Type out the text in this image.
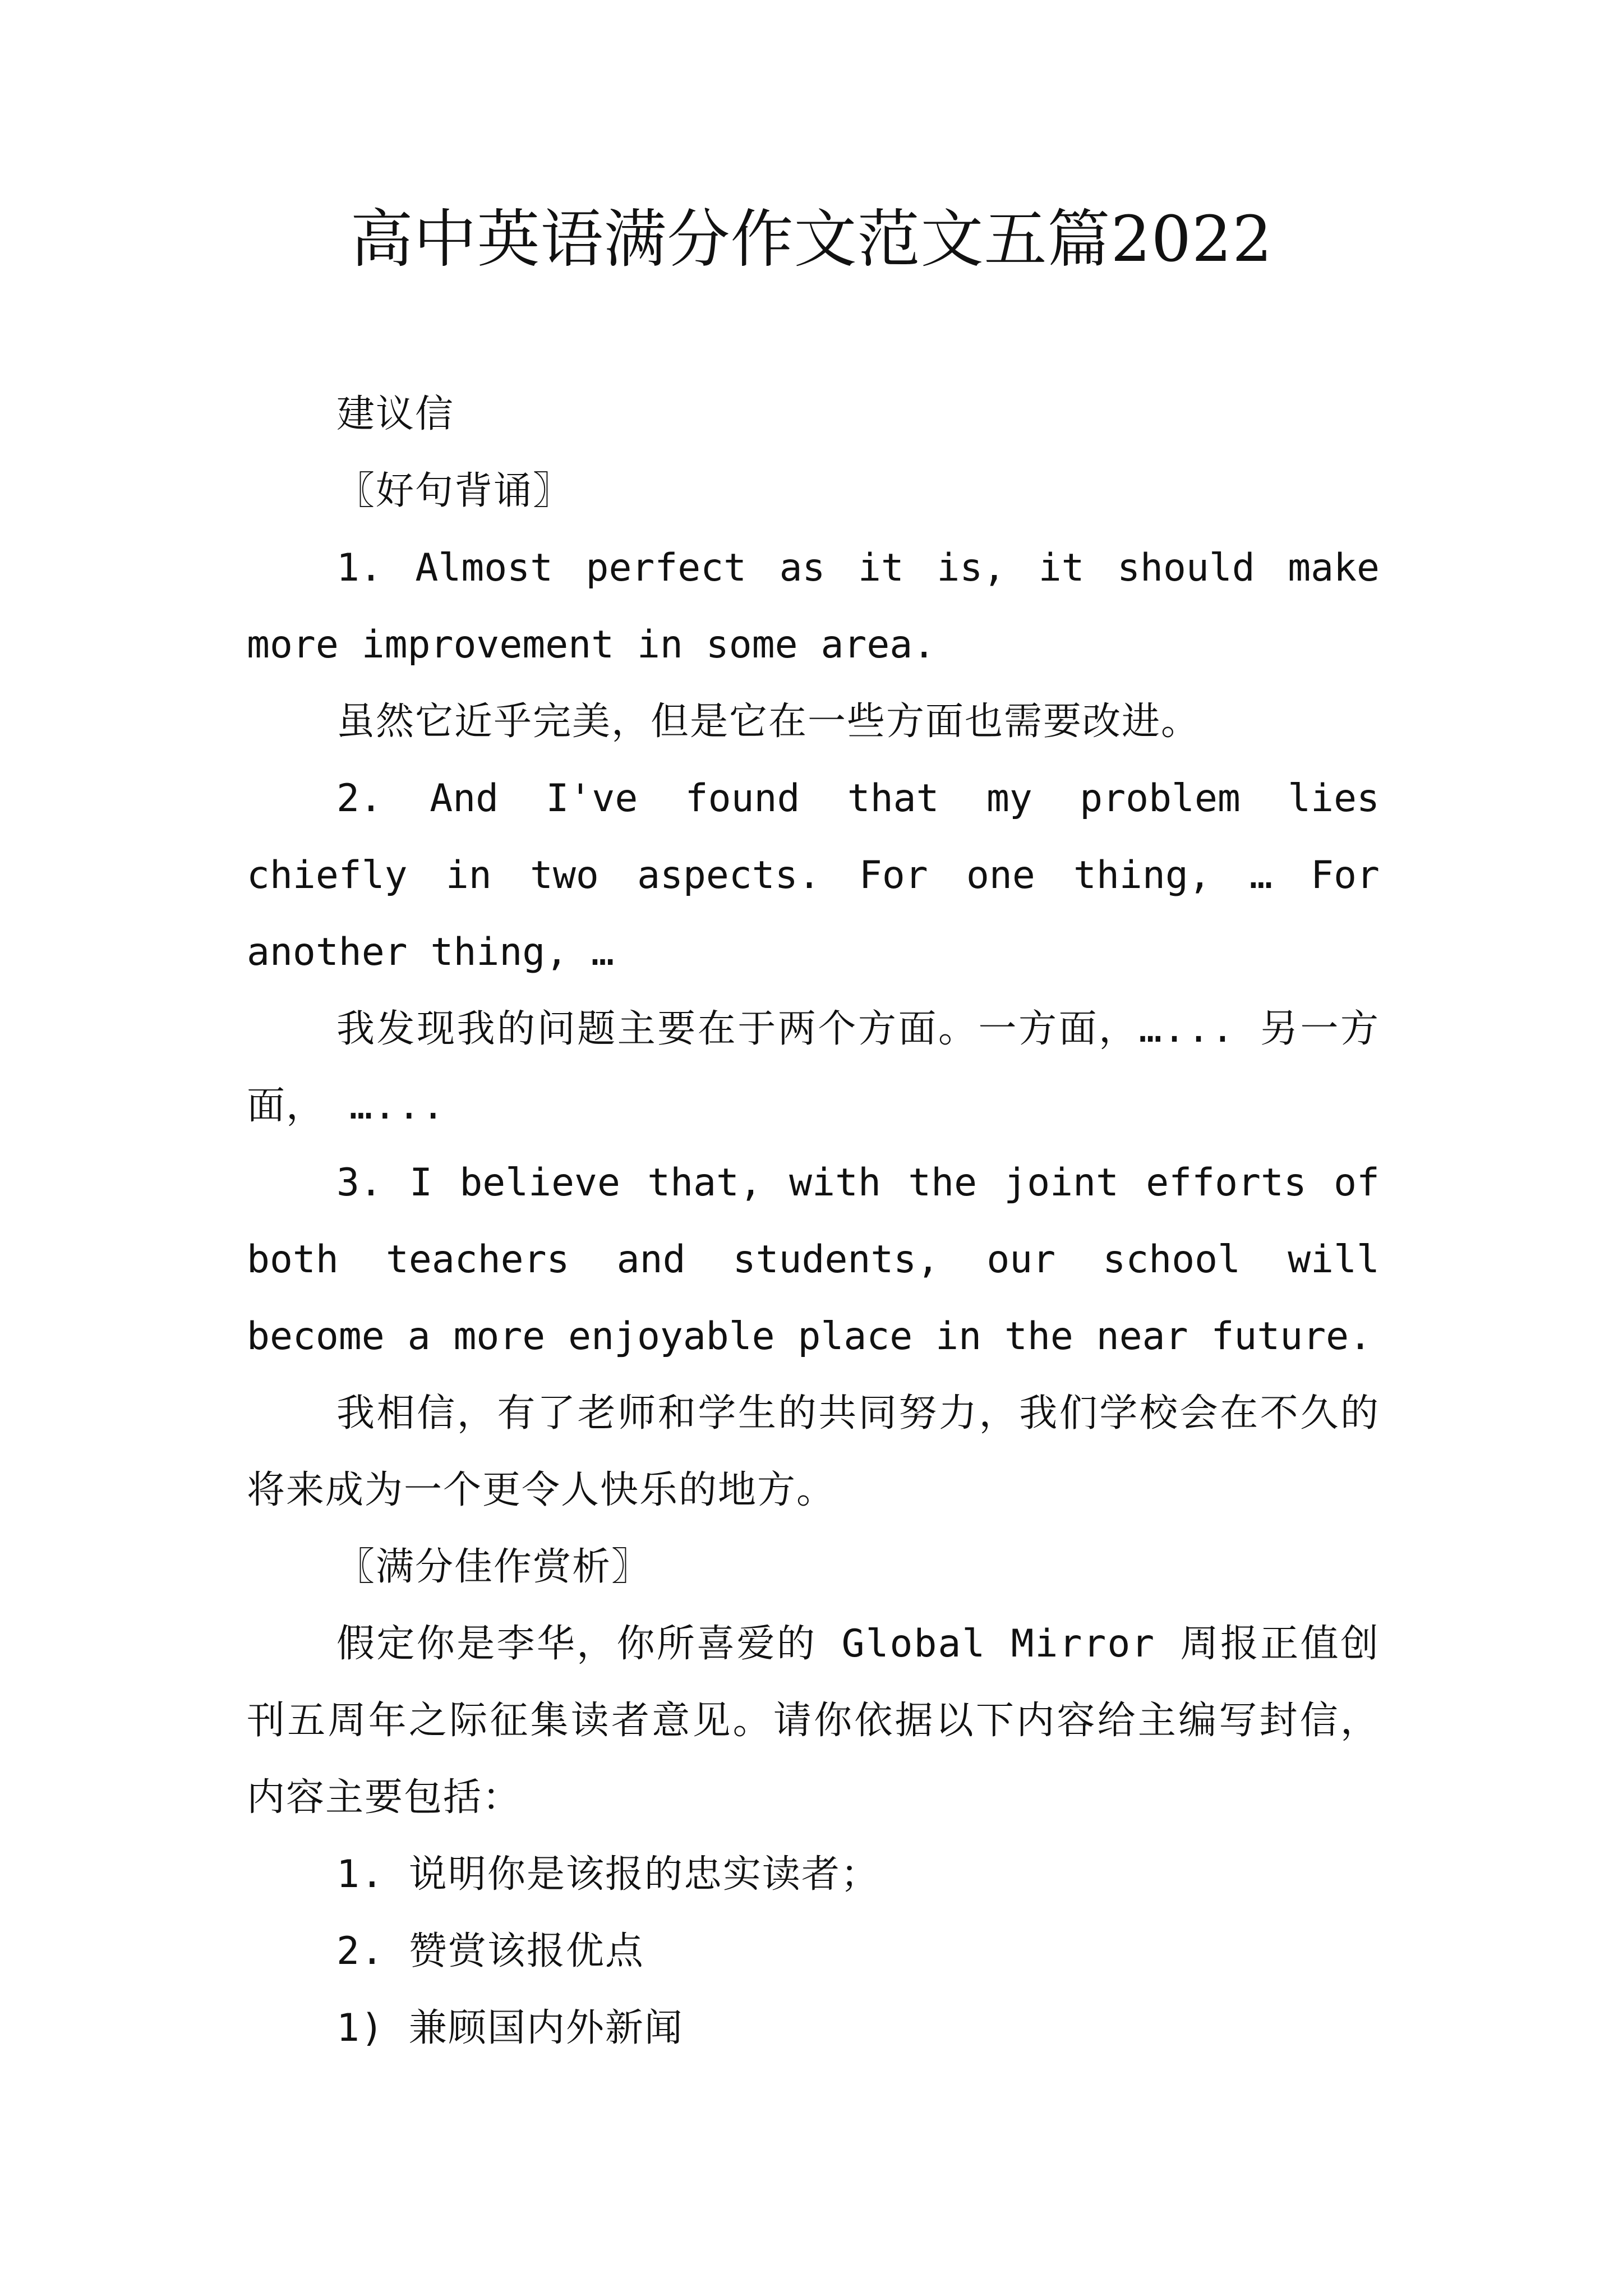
高中英语满分作文范文五篇2022

建议信

〖好句背诵〗

1. Almost perfect as it is, it should make more improvement in some area.

虽然它近乎完美，但是它在一些方面也需要改进。

2. And I've found that my problem lies chiefly in two aspects. For one thing, … For another thing, …

我发现我的问题主要在于两个方面。一方面，…... 另一方面， …...

3. I believe that, with the joint efforts of both teachers and students, our school will become a more enjoyable place in the near future.

我相信，有了老师和学生的共同努力，我们学校会在不久的将来成为一个更令人快乐的地方。

〖满分佳作赏析〗

假定你是李华，你所喜爱的 Global Mirror 周报正值创刊五周年之际征集读者意见。请你依据以下内容给主编写封信，内容主要包括：

1. 说明你是该报的忠实读者；

2. 赞赏该报优点

1) 兼顾国内外新闻
